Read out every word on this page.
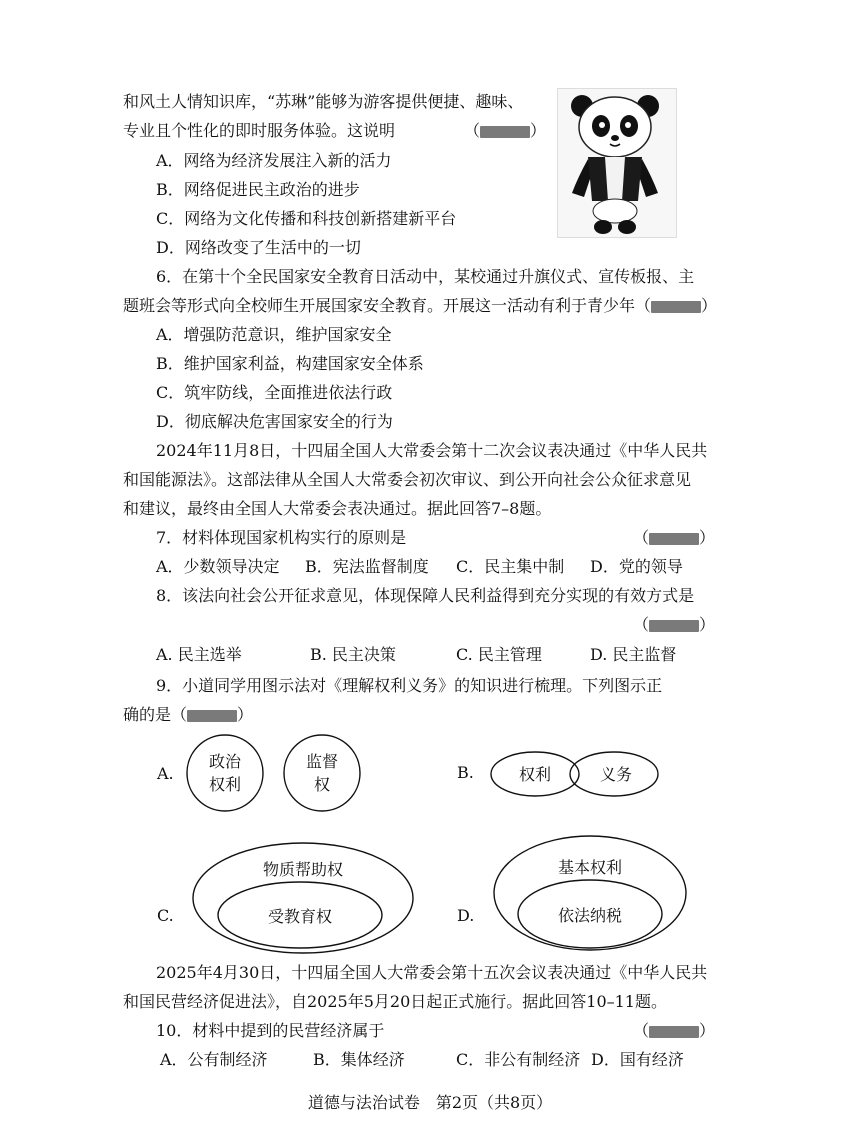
和风土人情知识库，“苏琳”能够为游客提供便捷、趣味、
专业且个性化的即时服务体验。这说明	（	）
A．网络为经济发展注入新的活力
B．网络促进民主政治的进步
C．网络为文化传播和科技创新搭建新平台
D．网络改变了生活中的一切
6．在第十个全民国家安全教育日活动中，某校通过升旗仪式、宣传板报、主
题班会等形式向全校师生开展国家安全教育。开展这一活动有利于青少年（	）
A．增强防范意识，维护国家安全
B．维护国家利益，构建国家安全体系
C．筑牢防线，全面推进依法行政
D．彻底解决危害国家安全的行为
2024年11月8日，十四届全国人大常委会第十二次会议表决通过《中华人民共
和国能源法》。这部法律从全国人大常委会初次审议、到公开向社会公众征求意见
和建议，最终由全国人大常委会表决通过。据此回答7–8题。
7．材料体现国家机构实行的原则是	（	）
A．少数领导决定 B．宪法监督制度 C．民主集中制 D．党的领导
8．该法向社会公开征求意见，体现保障人民利益得到充分实现的有效方式是
（	）
A. 民主选举	B. 民主决策	C. 民主管理	D. 民主监督
9．小道同学用图示法对《理解权利义务》的知识进行梳理。下列图示正
确的是（	）
A.
政治
权利
监督
权
B.	权利	义务
C.
物质帮助权
受教育权	D.
基本权利
依法纳税
2025年4月30日，十四届全国人大常委会第十五次会议表决通过《中华人民共
和国民营经济促进法》，自2025年5月20日起正式施行。据此回答10–11题。
10．材料中提到的民营经济属于	（	）
A．公有制经济	B．集体经济	C．非公有制经济 D．国有经济
道德与法治试卷　第2页（共8页）
